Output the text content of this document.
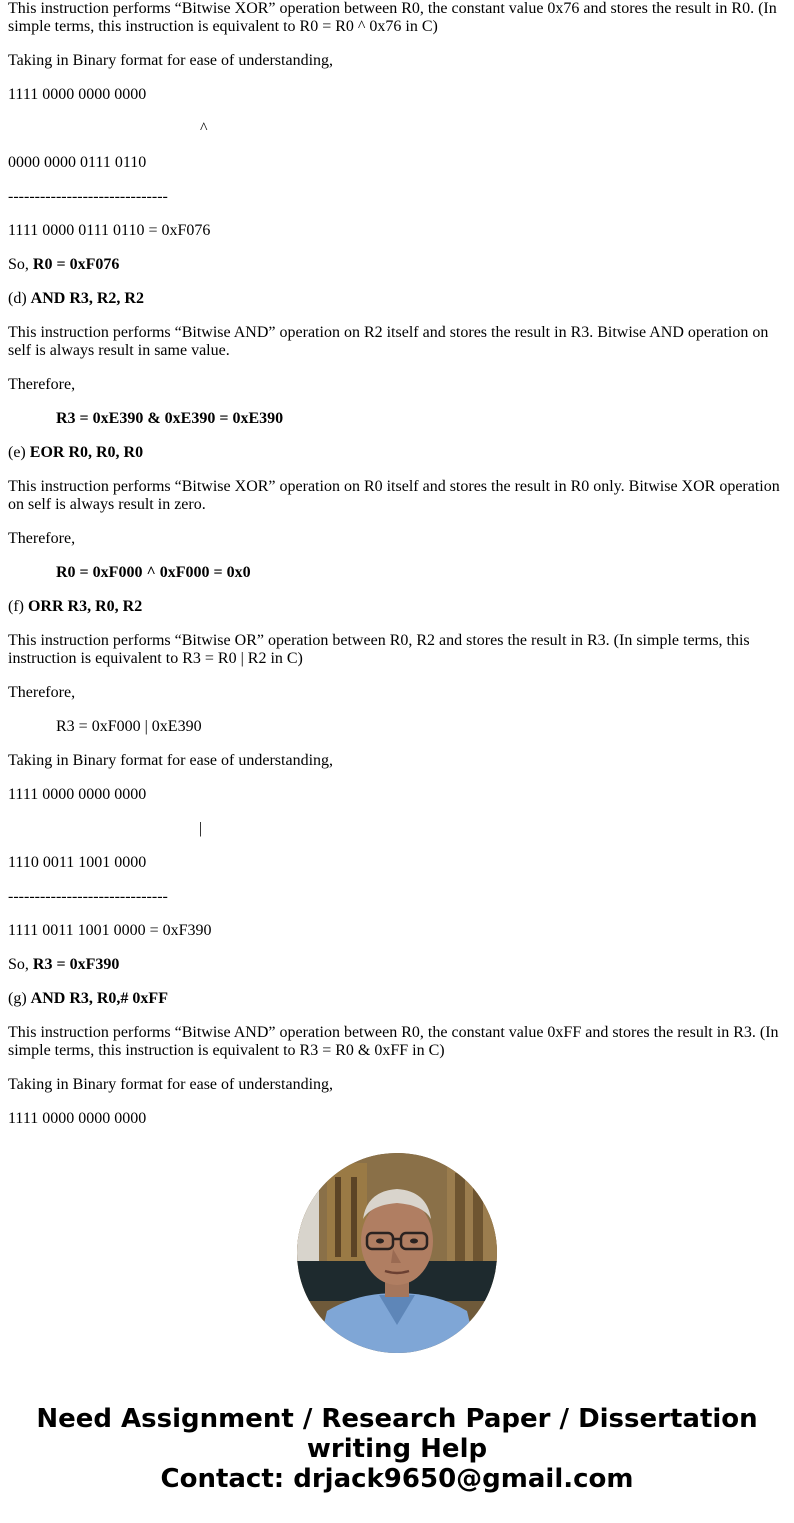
This instruction performs “Bitwise XOR” operation between R0, the constant value 0x76 and stores the result in R0. (In simple terms, this instruction is equivalent to R0 = R0 ^ 0x76 in C)

Taking in Binary format for ease of understanding,

1111 0000 0000 0000

^

0000 0000 0111 0110

------------------------------

1111 0000 0111 0110 = 0xF076

So, R0 = 0xF076

(d) AND R3, R2, R2

This instruction performs “Bitwise AND” operation on R2 itself and stores the result in R3. Bitwise AND operation on self is always result in same value.

Therefore,

R3 = 0xE390 & 0xE390 = 0xE390

(e) EOR R0, R0, R0

This instruction performs “Bitwise XOR” operation on R0 itself and stores the result in R0 only. Bitwise XOR operation on self is always result in zero.

Therefore,

R0 = 0xF000 ^ 0xF000 = 0x0

(f) ORR R3, R0, R2

This instruction performs “Bitwise OR” operation between R0, R2 and stores the result in R3. (In simple terms, this instruction is equivalent to R3 = R0 | R2 in C)

Therefore,

R3 = 0xF000 | 0xE390

Taking in Binary format for ease of understanding,

1111 0000 0000 0000

|

1110 0011 1001 0000

------------------------------

1111 0011 1001 0000 = 0xF390

So, R3 = 0xF390

(g) AND R3, R0,# 0xFF

This instruction performs “Bitwise AND” operation between R0, the constant value 0xFF and stores the result in R3. (In simple terms, this instruction is equivalent to R3 = R0 & 0xFF in C)

Taking in Binary format for ease of understanding,

1111 0000 0000 0000

Need Assignment / Research Paper / Dissertation
writing Help
Contact: drjack9650@gmail.com
